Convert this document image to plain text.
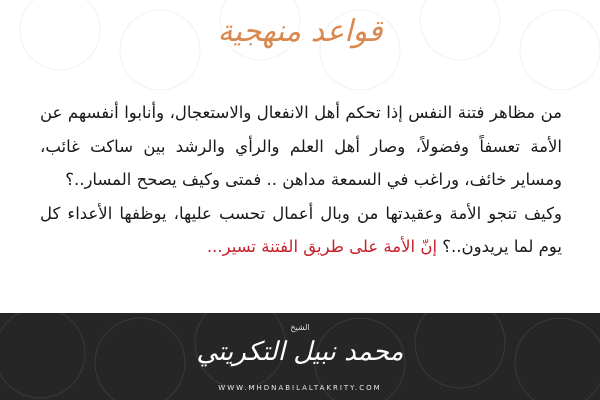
قواعد منهجية

من مظاهر فتنة النفس إذا تحكم أهل الانفعال والاستعجال، وأنابوا أنفسهم عن الأمة تعسفاً وفضولاً، وصار أهل العلم والرأي والرشد بين ساكت غائب، ومساير خائف، وراغب في السمعة مداهن .. فمتى وكيف يصحح المسار..؟

وكيف تنجو الأمة وعقيدتها من وبال أعمال تحسب عليها، يوظفها الأعداء كل يوم لما يريدون..؟ إنّ الأمة على طريق الفتنة تسير...

الشيخ
محمد نبيل التكريتي
WWW.MHDNABILALTAKRITY.COM
